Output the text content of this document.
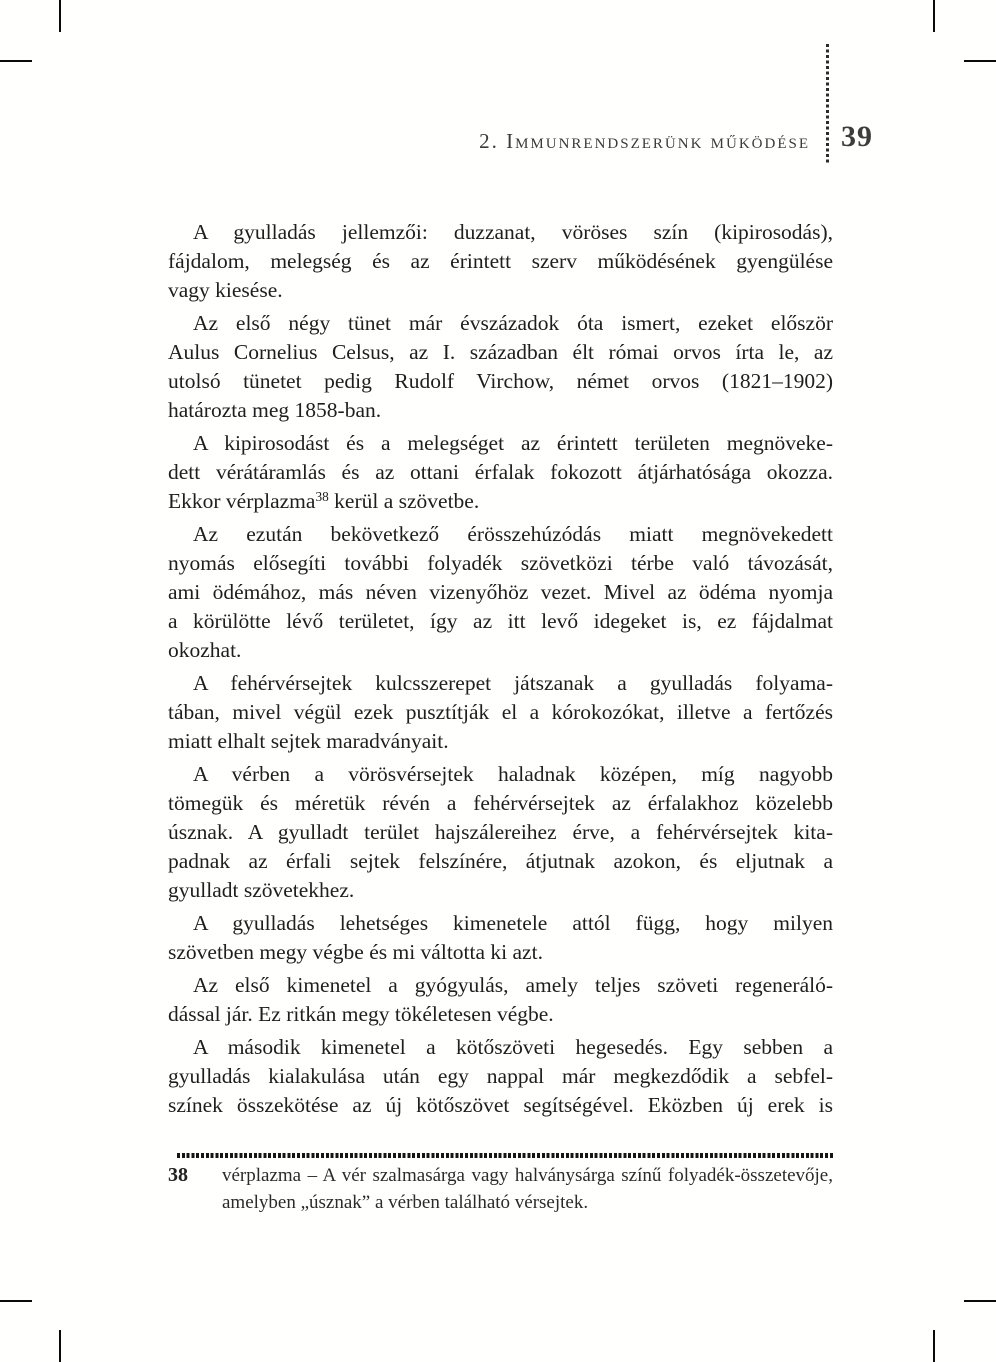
2. Immunrendszerünk működése 39

A gyulladás jellemzői: duzzanat, vöröses szín (kipirosodás),
fájdalom, melegség és az érintett szerv működésének gyengülése
vagy kiesése.

Az első négy tünet már évszázadok óta ismert, ezeket először
Aulus Cornelius Celsus, az I. században élt római orvos írta le, az
utolsó tünetet pedig Rudolf Virchow, német orvos (1821–1902)
határozta meg 1858-ban.

A kipirosodást és a melegséget az érintett területen megnöveke-
dett vérátáramlás és az ottani érfalak fokozott átjárhatósága okozza.
Ekkor vérplazma$^{38}$ kerül a szövetbe.

Az ezután bekövetkező érösszehúzódás miatt megnövekedett
nyomás elősegíti további folyadék szövetközi térbe való távozását,
ami ödémához, más néven vizenyőhöz vezet. Mivel az ödéma nyomja
a körülötte lévő területet, így az itt levő idegeket is, ez fájdalmat
okozhat.

A fehérvérsejtek kulcsszerepet játszanak a gyulladás folyama-
tában, mivel végül ezek pusztítják el a kórokozókat, illetve a fertőzés
miatt elhalt sejtek maradványait.

A vérben a vörösvérsejtek haladnak középen, míg nagyobb
tömegük és méretük révén a fehérvérsejtek az érfalakhoz közelebb
úsznak. A gyulladt terület hajszálereihez érve, a fehérvérsejtek kita-
padnak az érfali sejtek felszínére, átjutnak azokon, és eljutnak a
gyulladt szövetekhez.

A gyulladás lehetséges kimenetele attól függ, hogy milyen
szövetben megy végbe és mi váltotta ki azt.

Az első kimenetel a gyógyulás, amely teljes szöveti regeneráló-
dással jár. Ez ritkán megy tökéletesen végbe.

A második kimenetel a kötőszöveti hegesedés. Egy sebben a
gyulladás kialakulása után egy nappal már megkezdődik a sebfel-
színek összekötése az új kötőszövet segítségével. Eközben új erek is

38	vérplazma – A vér szalmasárga vagy halványsárga színű folyadék-összetevője,
amelyben „úsznak” a vérben található vérsejtek.
